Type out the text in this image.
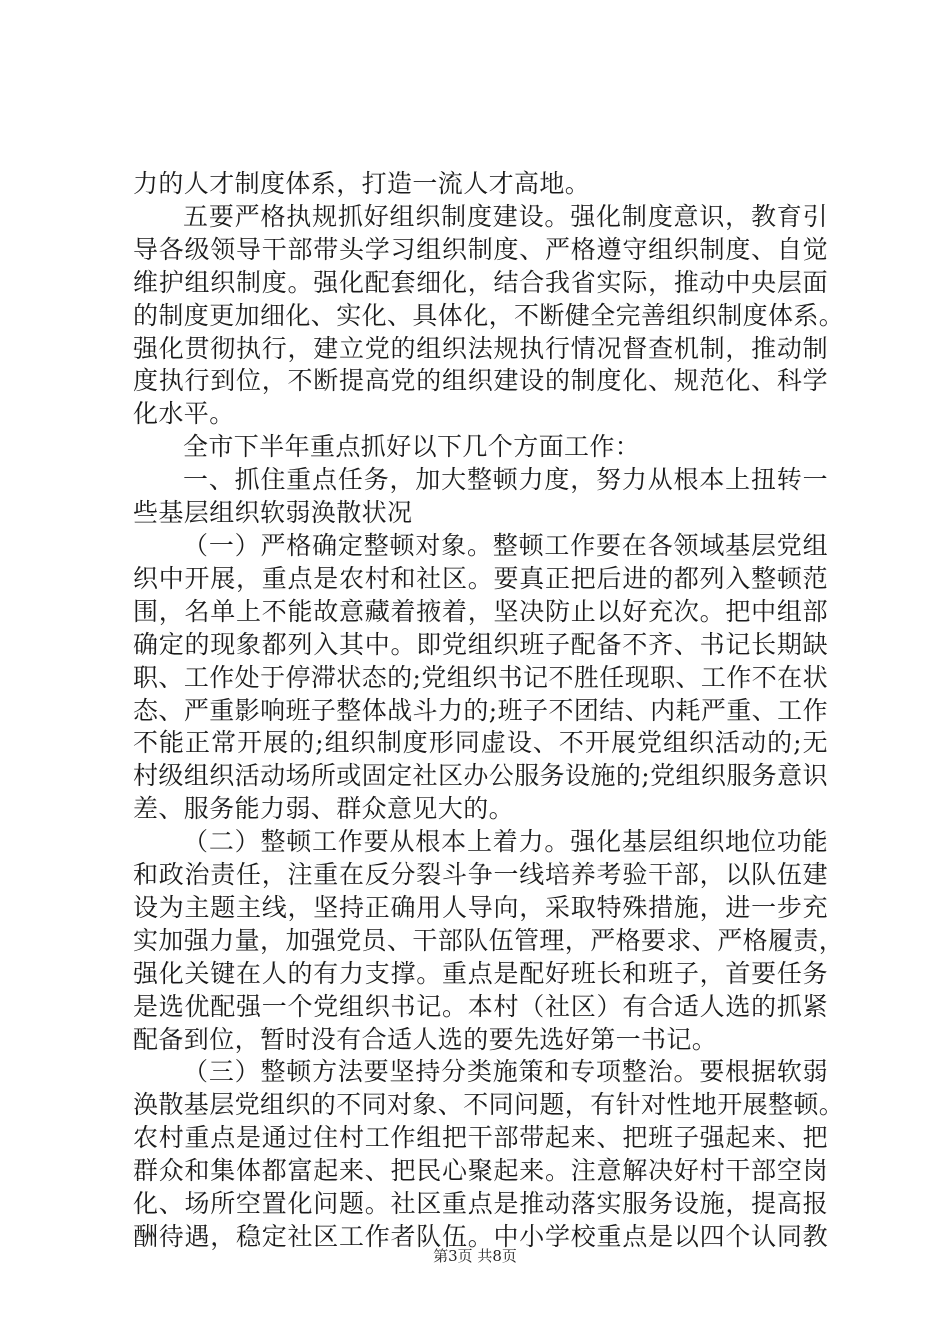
力的人才制度体系，打造一流人才高地。
五要严格执规抓好组织制度建设。强化制度意识，教育引
导各级领导干部带头学习组织制度、严格遵守组织制度、自觉
维护组织制度。强化配套细化，结合我省实际，推动中央层面
的制度更加细化、实化、具体化，不断健全完善组织制度体系。
强化贯彻执行，建立党的组织法规执行情况督查机制，推动制
度执行到位，不断提高党的组织建设的制度化、规范化、科学
化水平。
全市下半年重点抓好以下几个方面工作：
一、抓住重点任务，加大整顿力度，努力从根本上扭转一
些基层组织软弱涣散状况
（一）严格确定整顿对象。整顿工作要在各领域基层党组
织中开展，重点是农村和社区。要真正把后进的都列入整顿范
围，名单上不能故意藏着掖着，坚决防止以好充次。把中组部
确定的现象都列入其中。即党组织班子配备不齐、书记长期缺
职、工作处于停滞状态的;党组织书记不胜任现职、工作不在状
态、严重影响班子整体战斗力的;班子不团结、内耗严重、工作
不能正常开展的;组织制度形同虚设、不开展党组织活动的;无
村级组织活动场所或固定社区办公服务设施的;党组织服务意识
差、服务能力弱、群众意见大的。
（二）整顿工作要从根本上着力。强化基层组织地位功能
和政治责任，注重在反分裂斗争一线培养考验干部，以队伍建
设为主题主线，坚持正确用人导向，采取特殊措施，进一步充
实加强力量，加强党员、干部队伍管理，严格要求、严格履责，
强化关键在人的有力支撑。重点是配好班长和班子，首要任务
是选优配强一个党组织书记。本村（社区）有合适人选的抓紧
配备到位，暂时没有合适人选的要先选好第一书记。
（三）整顿方法要坚持分类施策和专项整治。要根据软弱
涣散基层党组织的不同对象、不同问题，有针对性地开展整顿。
农村重点是通过住村工作组把干部带起来、把班子强起来、把
群众和集体都富起来、把民心聚起来。注意解决好村干部空岗
化、场所空置化问题。社区重点是推动落实服务设施，提高报
酬待遇，稳定社区工作者队伍。中小学校重点是以四个认同教
第3页 共8页
